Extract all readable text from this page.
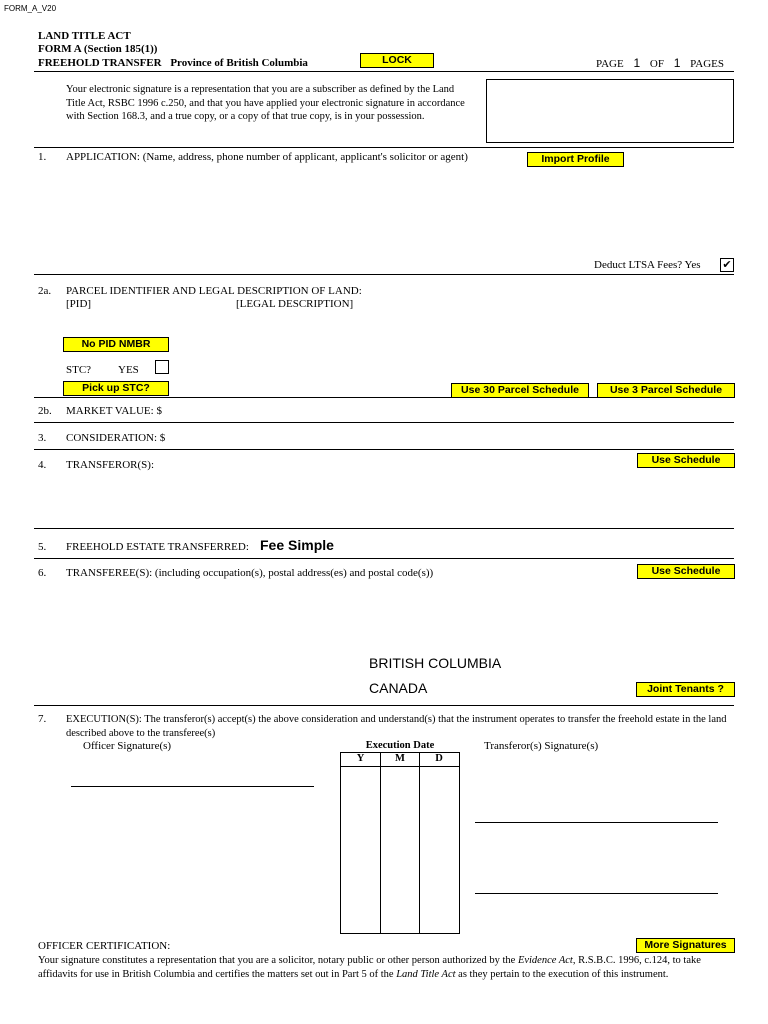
FORM_A_V20
LAND TITLE ACT
FORM A (Section 185(1))
FREEHOLD TRANSFER Province of British Columbia	LOCK	PAGE 1 OF 1 PAGES
Your electronic signature is a representation that you are a subscriber as defined by the Land Title Act, RSBC 1996 c.250, and that you have applied your electronic signature in accordance with Section 168.3, and a true copy, or a copy of that true copy, is in your possession.
1. APPLICATION: (Name, address, phone number of applicant, applicant's solicitor or agent)	Import Profile
Deduct LTSA Fees? Yes ✔
2a. PARCEL IDENTIFIER AND LEGAL DESCRIPTION OF LAND:
[PID]	[LEGAL DESCRIPTION]
No PID NMBR
STC? YES
Pick up STC?	Use 30 Parcel Schedule	Use 3 Parcel Schedule
2b. MARKET VALUE: $
3. CONSIDERATION: $
4. TRANSFEROR(S):	Use Schedule
5. FREEHOLD ESTATE TRANSFERRED: Fee Simple
6. TRANSFEREE(S): (including occupation(s), postal address(es) and postal code(s))	Use Schedule
BRITISH COLUMBIA
CANADA	Joint Tenants ?
7. EXECUTION(S): The transferor(s) accept(s) the above consideration and understand(s) that the instrument operates to transfer the freehold estate in the land described above to the transferee(s)
Officer Signature(s)	Execution Date
Y	M	D
Transferor(s) Signature(s)
OFFICER CERTIFICATION:	More Signatures
Your signature constitutes a representation that you are a solicitor, notary public or other person authorized by the Evidence Act, R.S.B.C. 1996, c.124, to take affidavits for use in British Columbia and certifies the matters set out in Part 5 of the Land Title Act as they pertain to the execution of this instrument.
